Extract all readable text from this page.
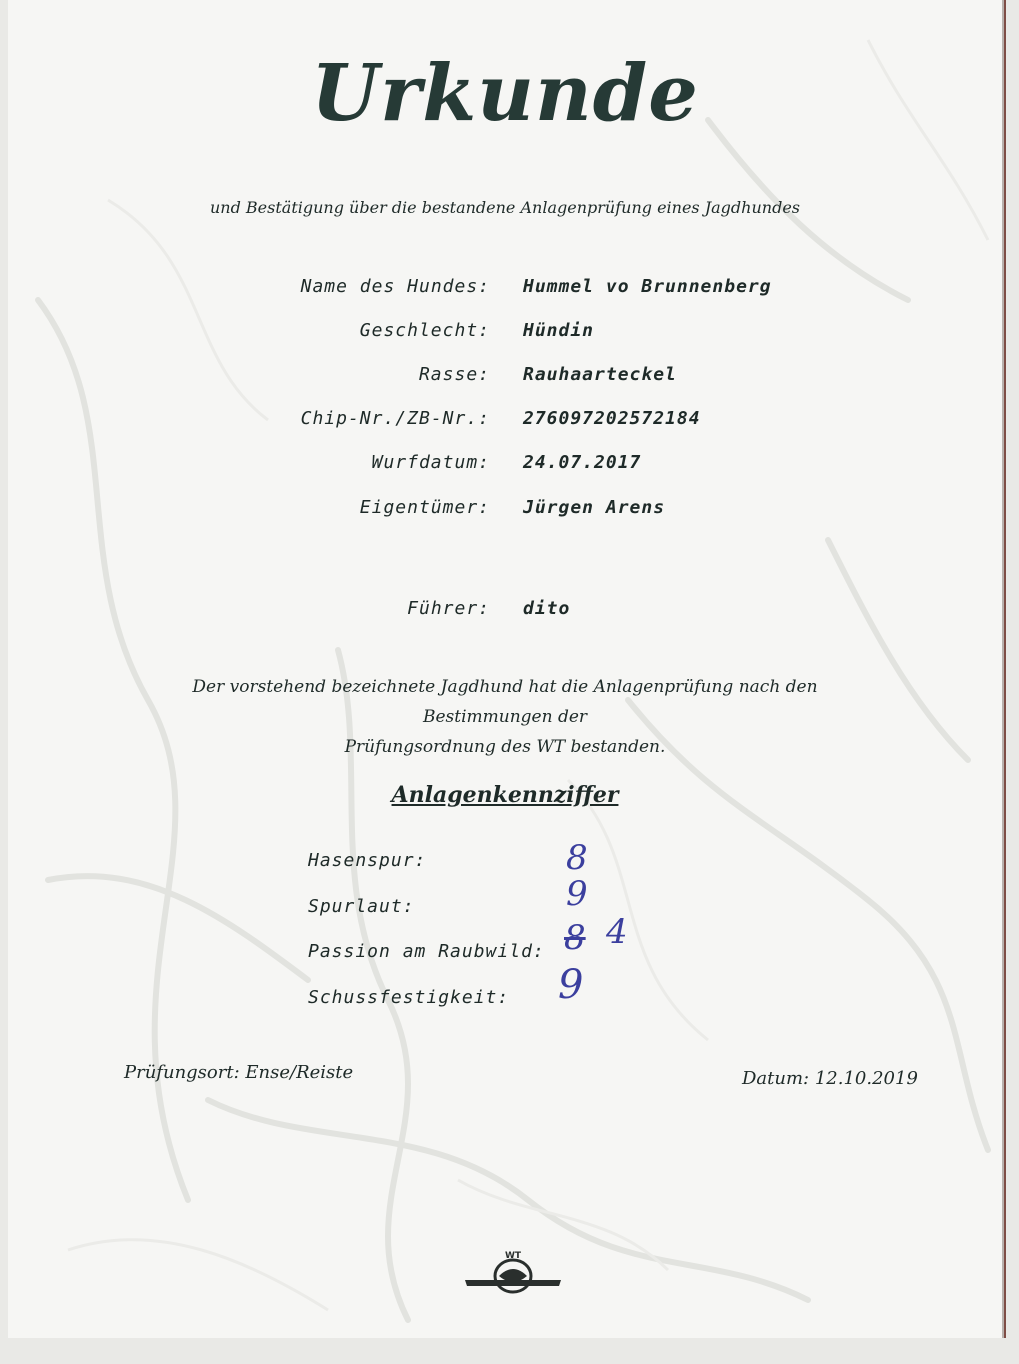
Urkunde
und Bestätigung über die bestandene Anlagenprüfung eines Jagdhundes
Name des Hundes: Hummel vo Brunnenberg
Geschlecht: Hündin
Rasse: Rauhaarteckel
Chip-Nr./ZB-Nr.: 276097202572184
Wurfdatum: 24.07.2017
Eigentümer: Jürgen Arens
Führer: dito
Der vorstehend bezeichnete Jagdhund hat die Anlagenprüfung nach den Bestimmungen der
Prüfungsordnung des WT bestanden.
Anlagenkennziffer
Hasenspur:
Spurlaut:
Passion am Raubwild:
Schussfestigkeit:
8
9
8 4
9
Prüfungsort: Ense/Reiste	Datum: 12.10.2019
WT
